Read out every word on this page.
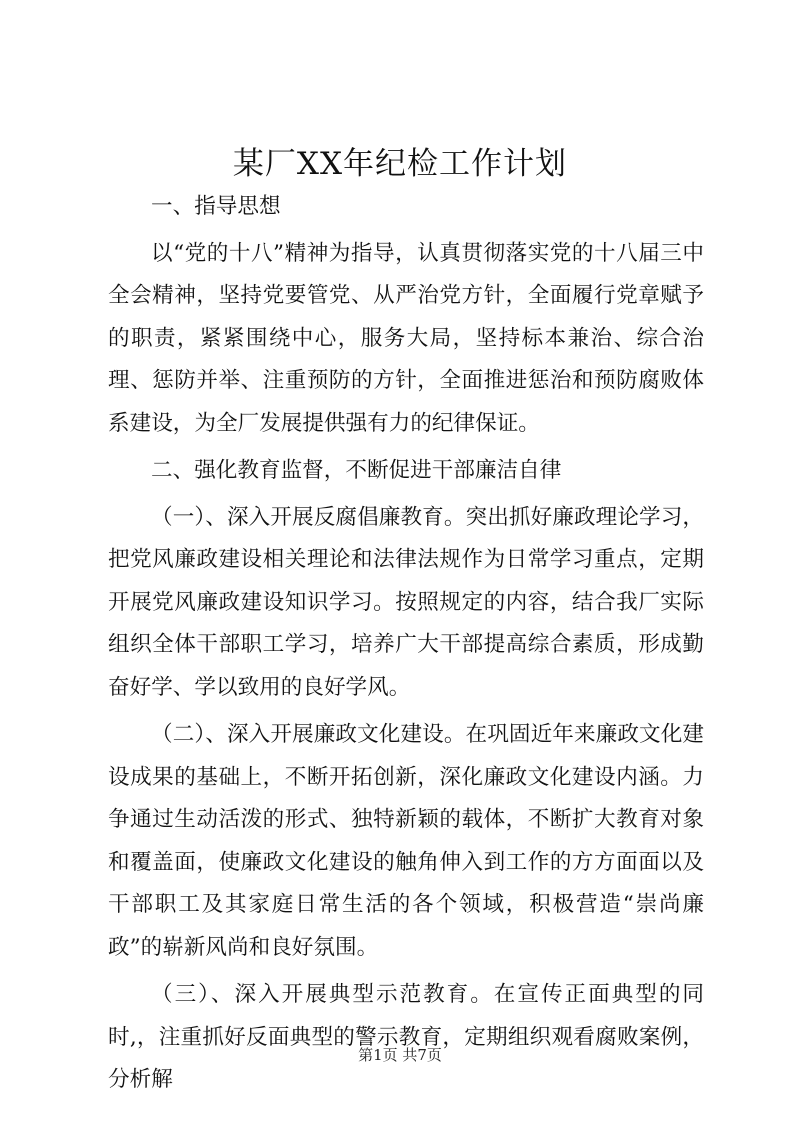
某厂XX年纪检工作计划

一、指导思想

以“党的十八”精神为指导，认真贯彻落实党的十八届三中全会精神，坚持党要管党、从严治党方针，全面履行党章赋予的职责，紧紧围绕中心，服务大局，坚持标本兼治、综合治理、惩防并举、注重预防的方针，全面推进惩治和预防腐败体系建设，为全厂发展提供强有力的纪律保证。

二、强化教育监督，不断促进干部廉洁自律

（一）、深入开展反腐倡廉教育。突出抓好廉政理论学习，把党风廉政建设相关理论和法律法规作为日常学习重点，定期开展党风廉政建设知识学习。按照规定的内容，结合我厂实际组织全体干部职工学习，培养广大干部提高综合素质，形成勤奋好学、学以致用的良好学风。

（二）、深入开展廉政文化建设。在巩固近年来廉政文化建设成果的基础上，不断开拓创新，深化廉政文化建设内涵。力争通过生动活泼的形式、独特新颖的载体，不断扩大教育对象和覆盖面，使廉政文化建设的触角伸入到工作的方方面面以及干部职工及其家庭日常生活的各个领域，积极营造“崇尚廉政”的崭新风尚和良好氛围。

（三）、深入开展典型示范教育。在宣传正面典型的同时,，注重抓好反面典型的警示教育，定期组织观看腐败案例，分析解

第1页 共7页
